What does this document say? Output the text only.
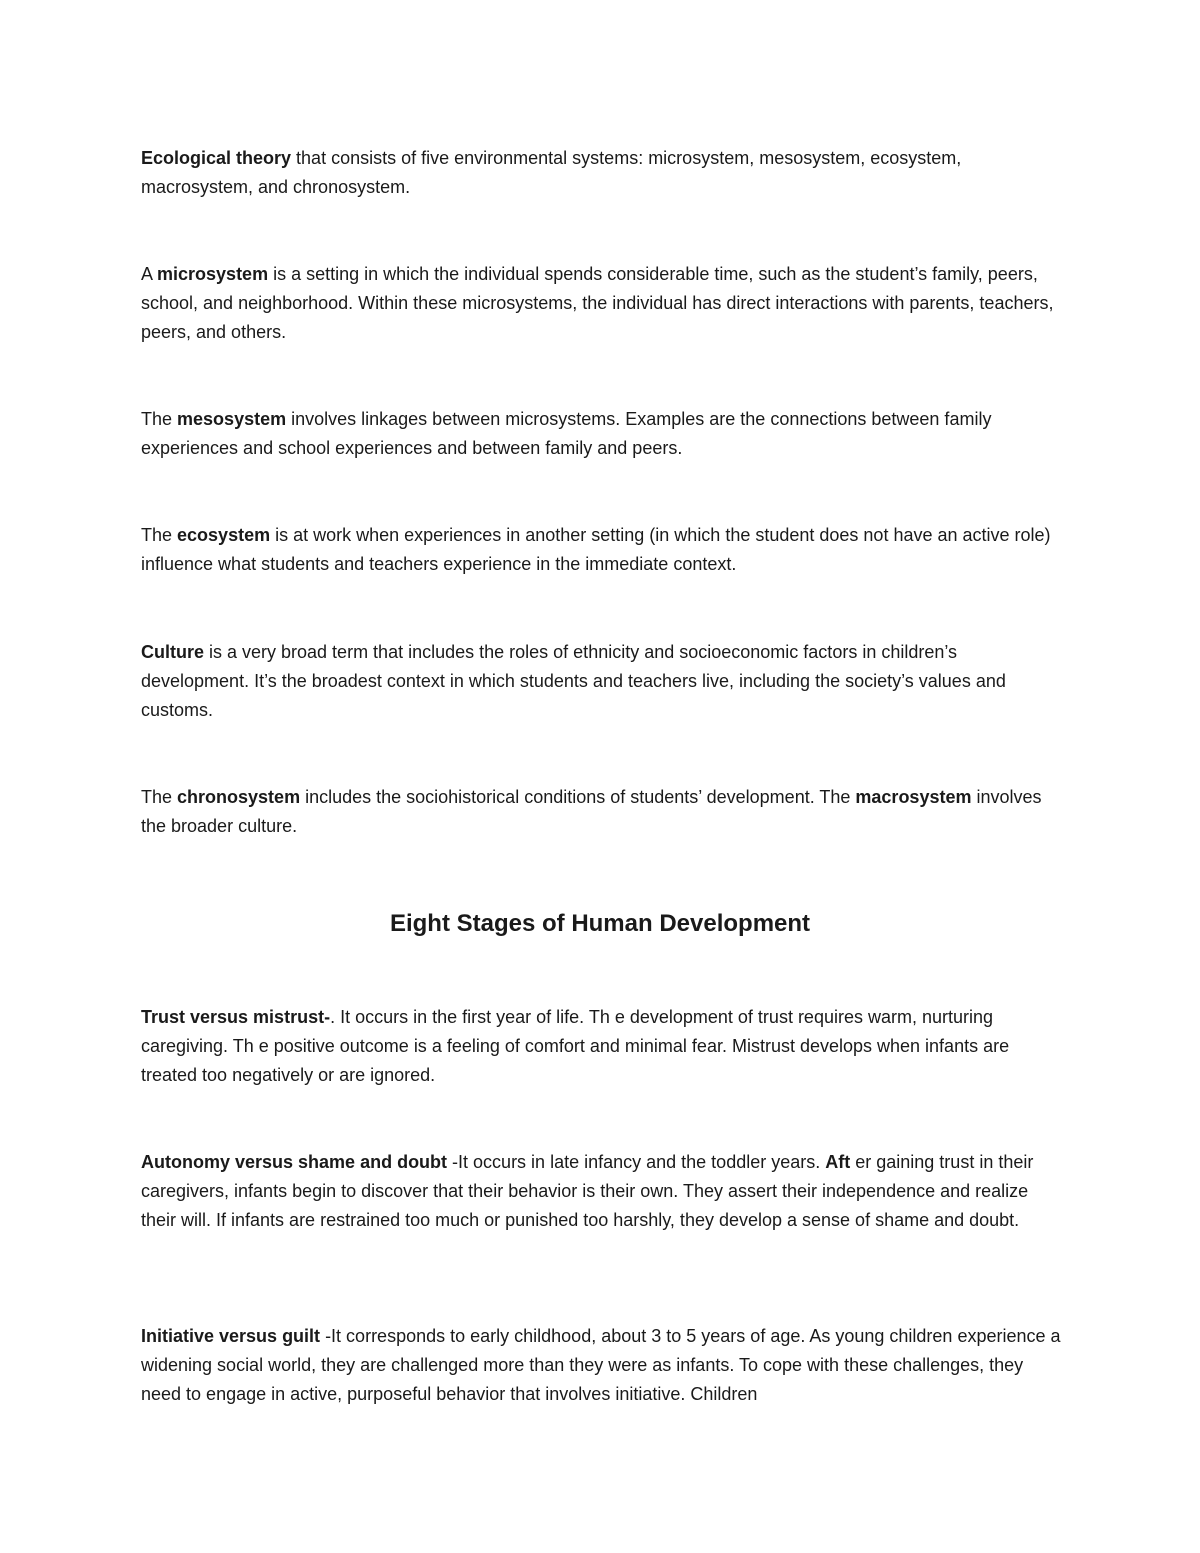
Ecological theory that consists of five environmental systems: microsystem, mesosystem, ecosystem, macrosystem, and chronosystem.

A microsystem is a setting in which the individual spends considerable time, such as the student’s family, peers, school, and neighborhood. Within these microsystems, the individual has direct interactions with parents, teachers, peers, and others.

The mesosystem involves linkages between microsystems. Examples are the connections between family experiences and school experiences and between family and peers.

The ecosystem is at work when experiences in another setting (in which the student does not have an active role) influence what students and teachers experience in the immediate context.

Culture is a very broad term that includes the roles of ethnicity and socioeconomic factors in children’s development. It’s the broadest context in which students and teachers live, including the society’s values and customs.

The chronosystem includes the sociohistorical conditions of students’ development. The macrosystem involves the broader culture.

Eight Stages of Human Development

Trust versus mistrust-. It occurs in the first year of life. Th e development of trust requires warm, nurturing caregiving. Th e positive outcome is a feeling of comfort and minimal fear. Mistrust develops when infants are treated too negatively or are ignored.

Autonomy versus shame and doubt -It occurs in late infancy and the toddler years. Aft er gaining trust in their caregivers, infants begin to discover that their behavior is their own. They assert their independence and realize their will. If infants are restrained too much or punished too harshly, they develop a sense of shame and doubt.

Initiative versus guilt -It corresponds to early childhood, about 3 to 5 years of age. As young children experience a widening social world, they are challenged more than they were as infants. To cope with these challenges, they need to engage in active, purposeful behavior that involves initiative. Children
